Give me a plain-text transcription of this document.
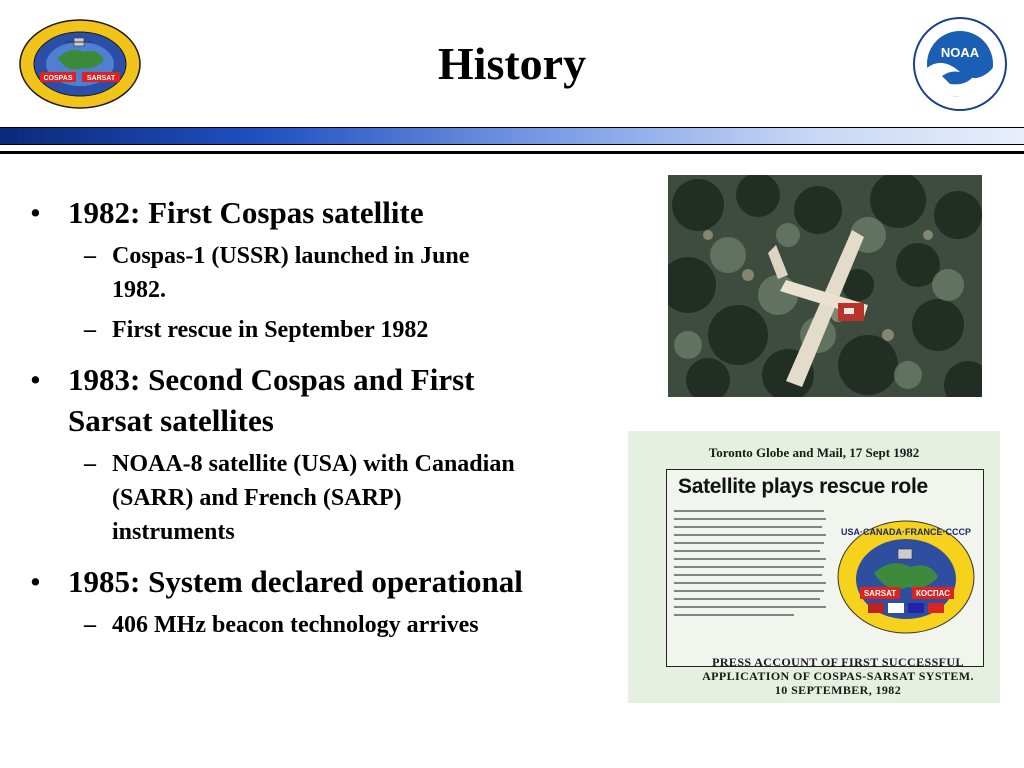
COSPAS SARSAT	History	NOAA
• 1982: First Cospas satellite
– Cospas-1 (USSR) launched in June
1982.
– First rescue in September 1982
• 1983: Second Cospas and First
Sarsat satellites
– NOAA-8 satellite (USA) with Canadian
(SARR) and French (SARP)
instruments
• 1985: System declared operational
– 406 MHz beacon technology arrives
Toronto Globe and Mail, 17 Sept 1982
Satellite plays rescue role
USA·CANADA·FRANCE·CCCP
SARSAT КОСПАС
PRESS ACCOUNT OF FIRST SUCCESSFUL
APPLICATION OF COSPAS-SARSAT SYSTEM.
10 SEPTEMBER, 1982
